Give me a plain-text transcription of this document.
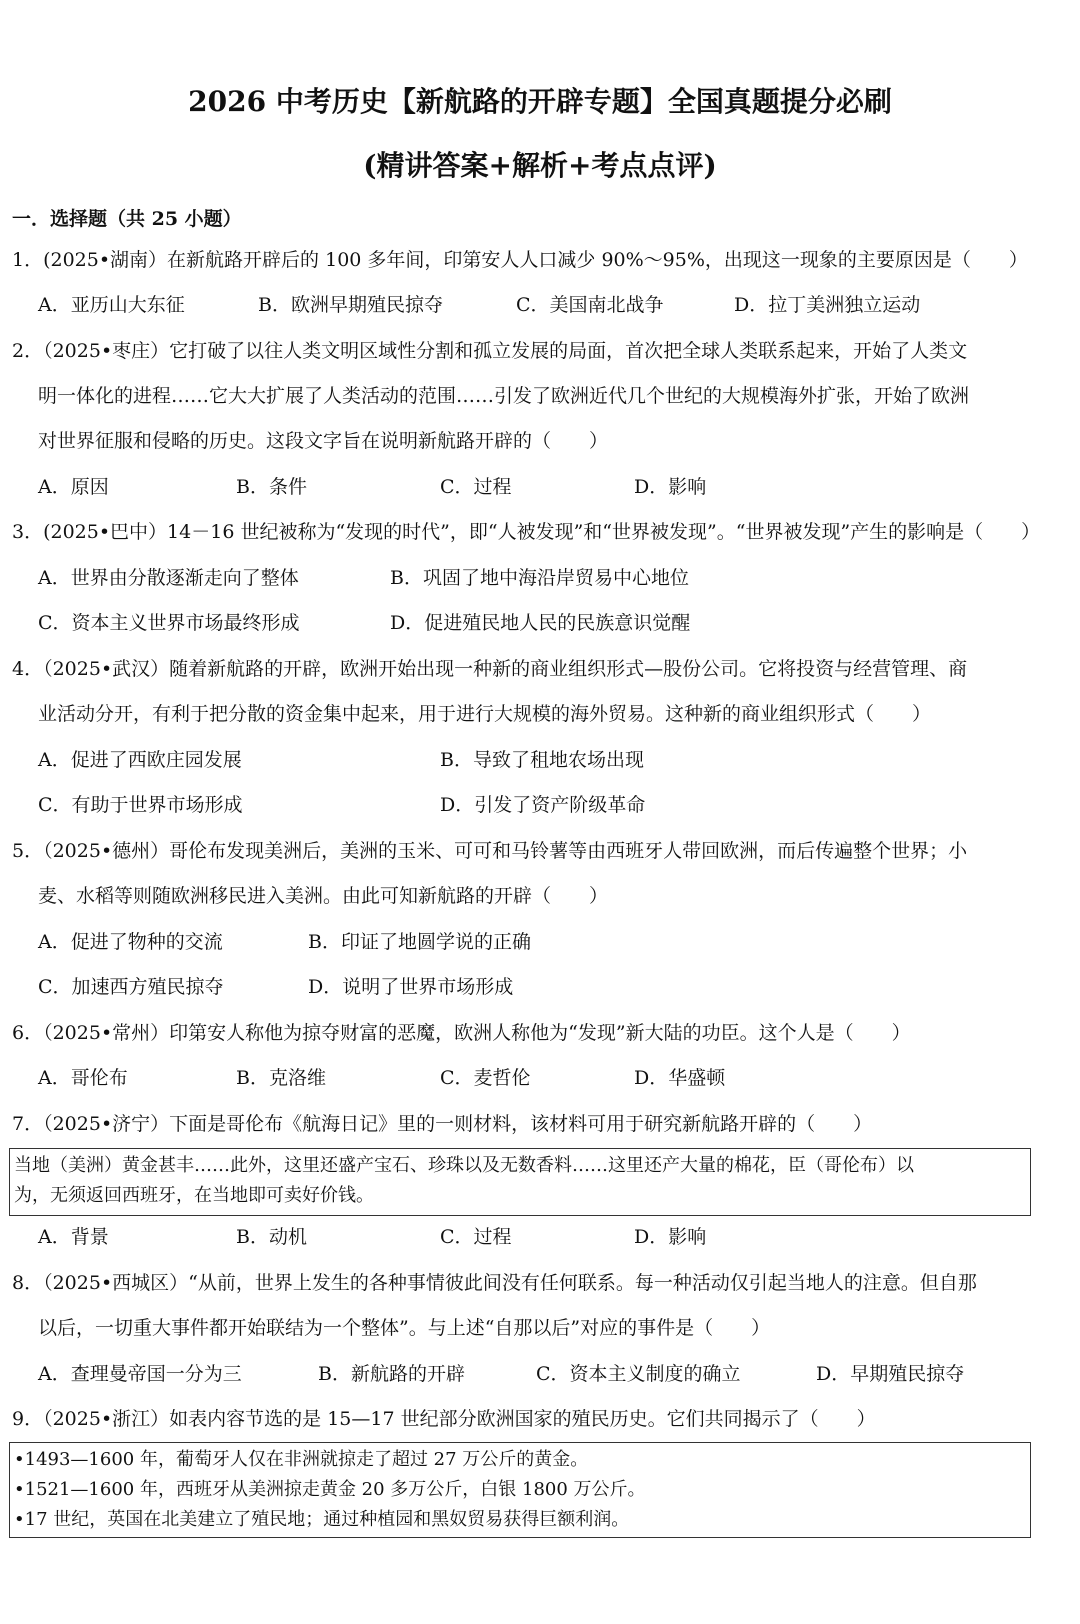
2026 中考历史【新航路的开辟专题】全国真题提分必刷
(精讲答案+解析+考点点评)
一．选择题（共 25 小题）
1．(2025•湖南）在新航路开辟后的 100 多年间，印第安人人口减少 90%～95%，出现这一现象的主要原因是（　　）
A．亚历山大东征	B．欧洲早期殖民掠夺	C．美国南北战争	D．拉丁美洲独立运动
2．（2025•枣庄）它打破了以往人类文明区域性分割和孤立发展的局面，首次把全球人类联系起来，开始了人类文
明一体化的进程……它大大扩展了人类活动的范围……引发了欧洲近代几个世纪的大规模海外扩张，开始了欧洲
对世界征服和侵略的历史。这段文字旨在说明新航路开辟的（　　）
A．原因	B．条件	C．过程	D．影响
3．(2025•巴中）14－16 世纪被称为“发现的时代”，即“人被发现”和“世界被发现”。“世界被发现”产生的影响是（　　）
A．世界由分散逐渐走向了整体	B．巩固了地中海沿岸贸易中心地位
C．资本主义世界市场最终形成	D．促进殖民地人民的民族意识觉醒
4．（2025•武汉）随着新航路的开辟，欧洲开始出现一种新的商业组织形式—股份公司。它将投资与经营管理、商
业活动分开，有利于把分散的资金集中起来，用于进行大规模的海外贸易。这种新的商业组织形式（　　）
A．促进了西欧庄园发展	B．导致了租地农场出现
C．有助于世界市场形成	D．引发了资产阶级革命
5．（2025•德州）哥伦布发现美洲后，美洲的玉米、可可和马铃薯等由西班牙人带回欧洲，而后传遍整个世界；小
麦、水稻等则随欧洲移民进入美洲。由此可知新航路的开辟（　　）
A．促进了物种的交流	B．印证了地圆学说的正确
C．加速西方殖民掠夺	D．说明了世界市场形成
6．（2025•常州）印第安人称他为掠夺财富的恶魔，欧洲人称他为“发现”新大陆的功臣。这个人是（　　）
A．哥伦布	B．克洛维	C．麦哲伦	D．华盛顿
7．（2025•济宁）下面是哥伦布《航海日记》里的一则材料，该材料可用于研究新航路开辟的（　　）
当地（美洲）黄金甚丰……此外，这里还盛产宝石、珍珠以及无数香料……这里还产大量的棉花，臣（哥伦布）以
为，无须返回西班牙，在当地即可卖好价钱。
A．背景	B．动机	C．过程	D．影响
8．（2025•西城区）“从前，世界上发生的各种事情彼此间没有任何联系。每一种活动仅引起当地人的注意。但自那
以后，一切重大事件都开始联结为一个整体”。与上述“自那以后”对应的事件是（　　）
A．查理曼帝国一分为三	B．新航路的开辟	C．资本主义制度的确立	D．早期殖民掠夺
9．（2025•浙江）如表内容节选的是 15—17 世纪部分欧洲国家的殖民历史。它们共同揭示了（　　）
•1493—1600 年，葡萄牙人仅在非洲就掠走了超过 27 万公斤的黄金。
•1521—1600 年，西班牙从美洲掠走黄金 20 多万公斤，白银 1800 万公斤。
•17 世纪，英国在北美建立了殖民地；通过种植园和黑奴贸易获得巨额利润。
